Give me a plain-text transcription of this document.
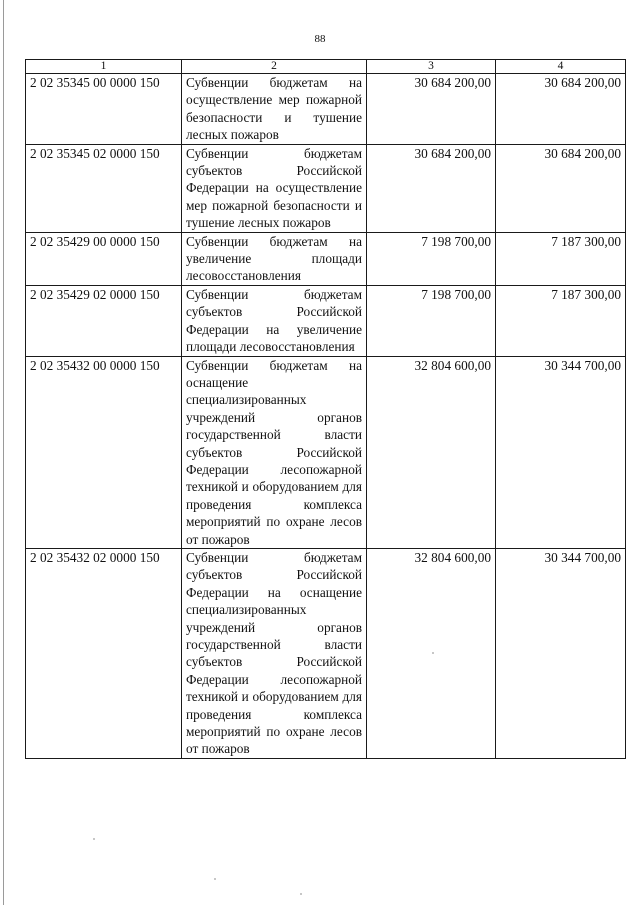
88
1	2	3	4
2 02 35345 00 0000 150	Субвенции бюджетам на осуществление мер пожарной безопасности и тушение лесных пожаров	30 684 200,00	30 684 200,00
2 02 35345 02 0000 150	Субвенции бюджетам субъектов Российской Федерации на осуществление мер пожарной безопасности и тушение лесных пожаров	30 684 200,00	30 684 200,00
2 02 35429 00 0000 150	Субвенции бюджетам на увеличение площади лесовосстановления	7 198 700,00	7 187 300,00
2 02 35429 02 0000 150	Субвенции бюджетам субъектов Российской Федерации на увеличение площади лесовосстановления	7 198 700,00	7 187 300,00
2 02 35432 00 0000 150	Субвенции бюджетам на оснащение специализированных учреждений органов государственной власти субъектов Российской Федерации лесопожарной техникой и оборудованием для проведения комплекса мероприятий по охране лесов от пожаров	32 804 600,00	30 344 700,00
2 02 35432 02 0000 150	Субвенции бюджетам субъектов Российской Федерации на оснащение специализированных учреждений органов государственной власти субъектов Российской Федерации лесопожарной техникой и оборудованием для проведения комплекса мероприятий по охране лесов от пожаров	32 804 600,00	30 344 700,00
